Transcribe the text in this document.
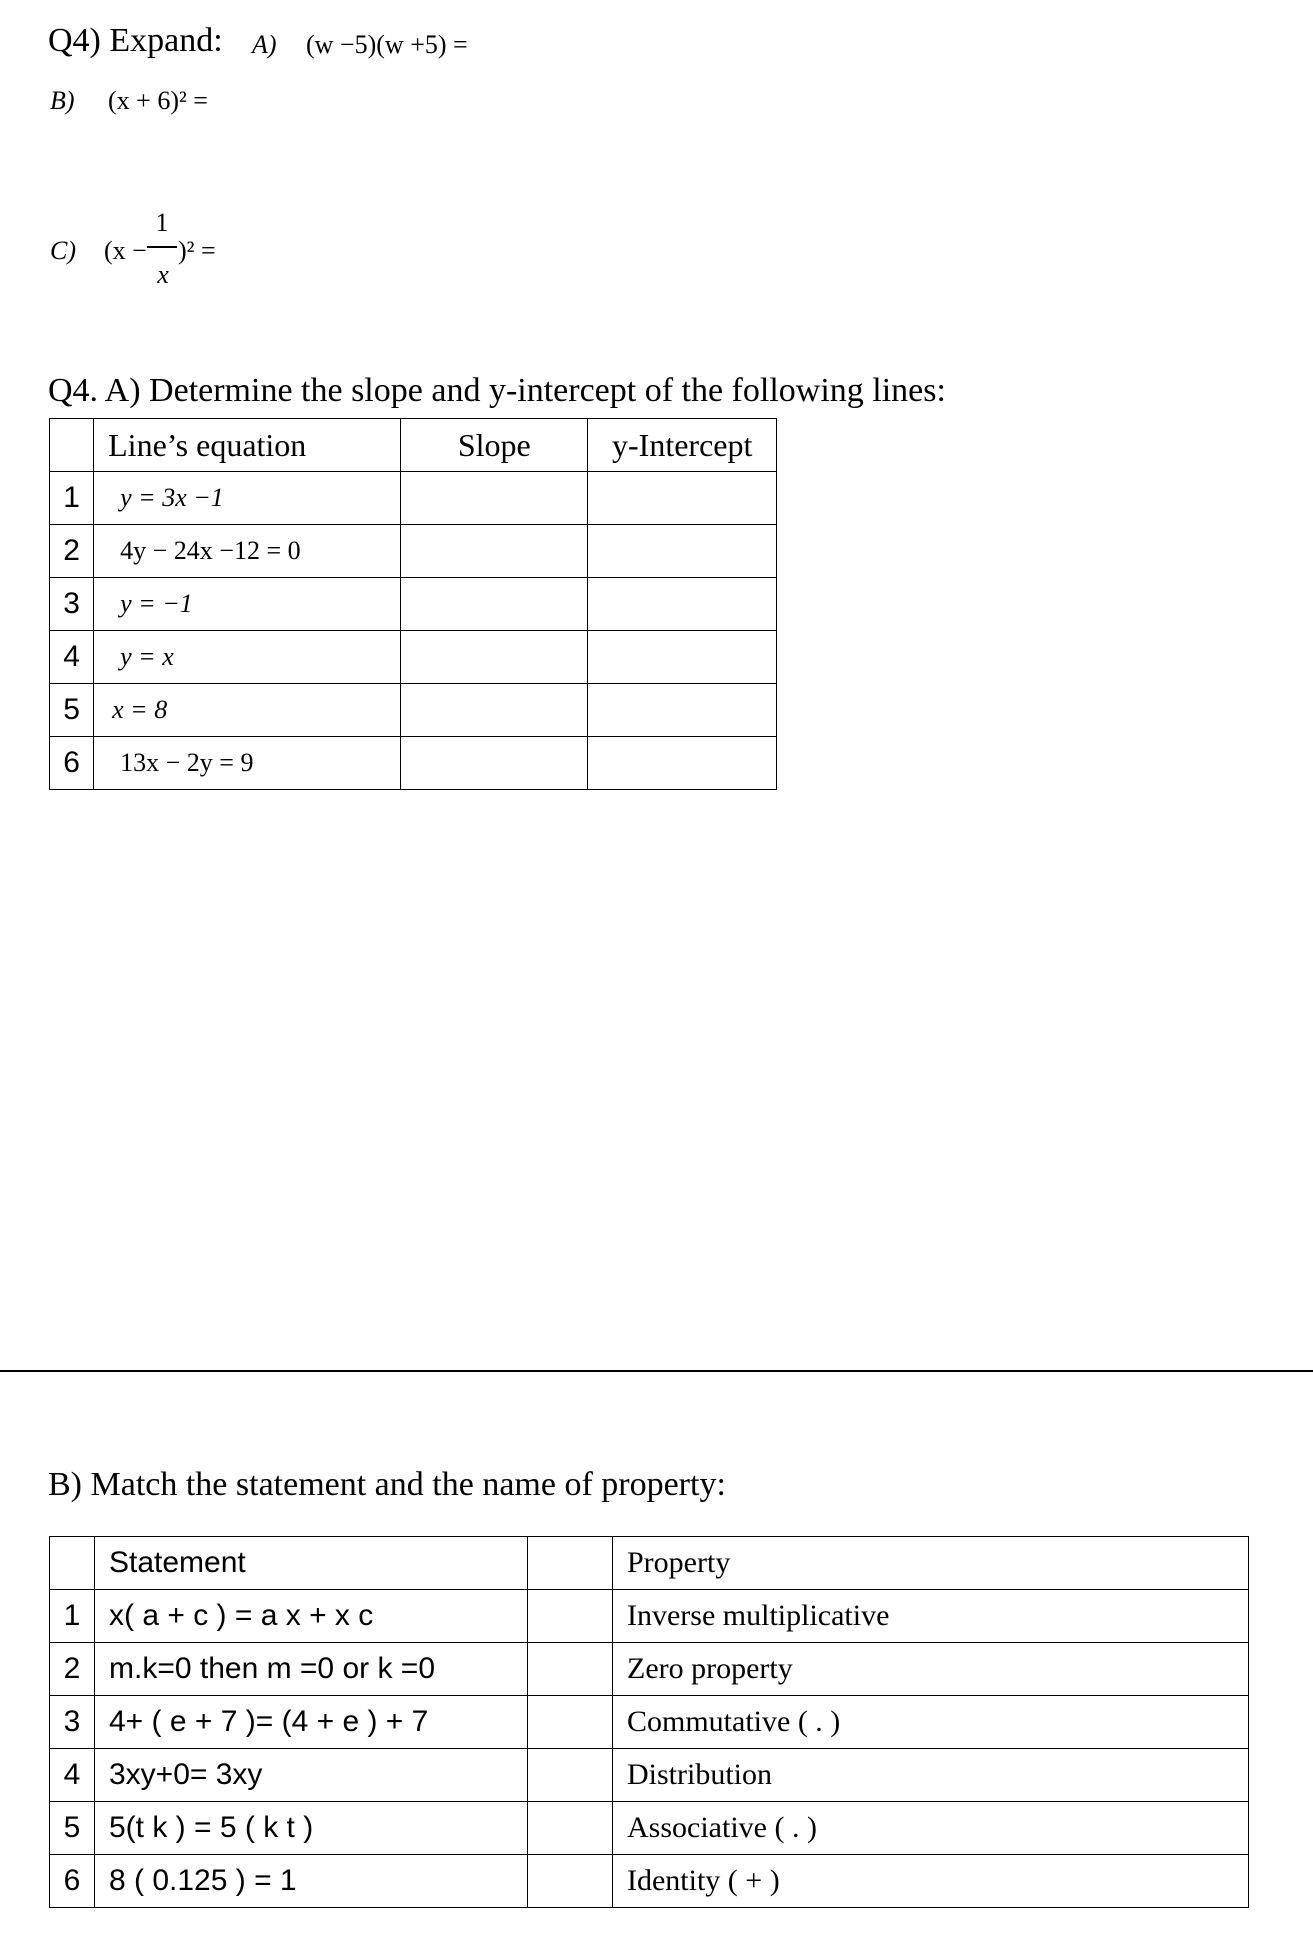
Q4) Expand: A) (w −5)(w +5) =
B) (x + 6)² =
C) (x −
1
x
)² =
Q4. A) Determine the slope and y-intercept of the following lines:
	Line’s equation	Slope	y-Intercept
1	y = 3x −1		
2	4y − 24x −12 = 0		
3	y = −1		
4	y = x		
5	x = 8		
6	13x − 2y = 9		
B) Match the statement and the name of property:
	Statement		Property
1	x( a + c ) = a x + x c		Inverse multiplicative
2	m.k=0 then m =0 or k =0		Zero property
3	4+ ( e + 7 )= (4 + e ) + 7		Commutative ( . )
4	3xy+0= 3xy		Distribution
5	5(t k ) = 5 ( k t )		Associative ( . )
6	8 ( 0.125 ) = 1		Identity ( + )
